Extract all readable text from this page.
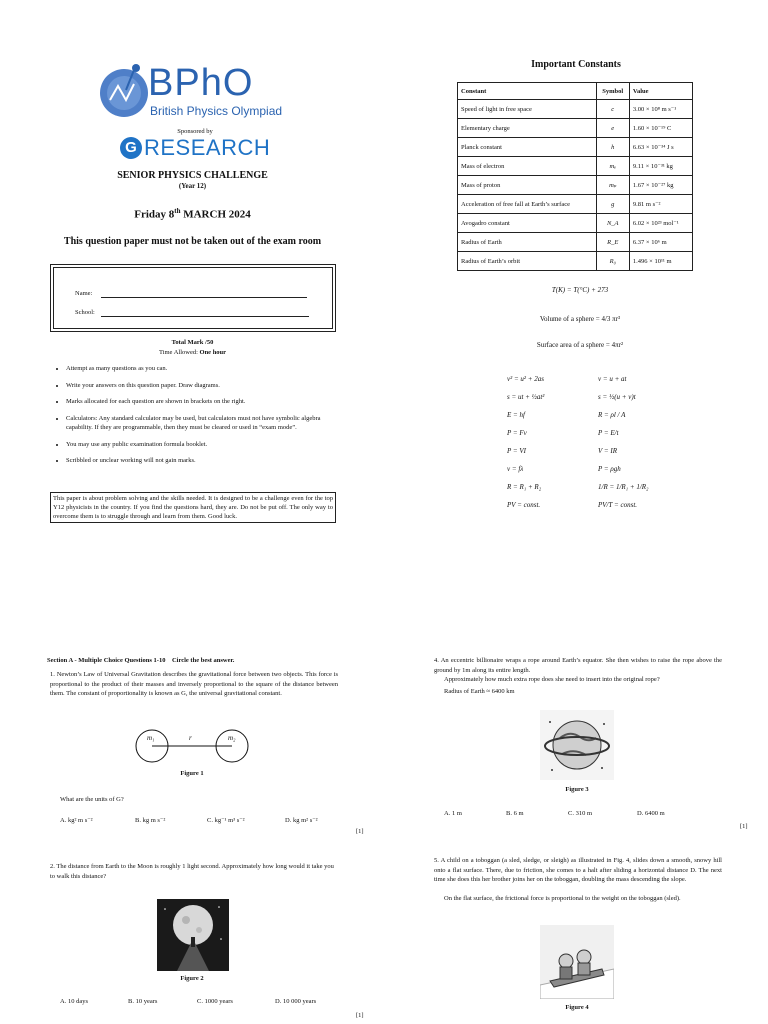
BPhO
British Physics Olympiad
Sponsored by
G RESEARCH
SENIOR PHYSICS CHALLENGE
(Year 12)
Friday 8th MARCH 2024
This question paper must not be taken out of the exam room
Name:
School:
Total Mark /50
Time Allowed: One hour
• Attempt as many questions as you can.
• Write your answers on this question paper. Draw diagrams.
• Marks allocated for each question are shown in brackets on the right.
• Calculators: Any standard calculator may be used, but calculators must not have symbolic algebra capability. If they are programmable, then they must be cleared or used in “exam mode”.
• You may use any public examination formula booklet.
• Scribbled or unclear working will not gain marks.
This paper is about problem solving and the skills needed. It is designed to be a challenge even for the top Y12 physicists in the country. If you find the questions hard, they are. Do not be put off. The only way to overcome them is to struggle through and learn from them. Good luck.
Important Constants
Constant	Symbol	Value
Speed of light in free space	c	3.00 × 10⁸ m s⁻¹
Elementary charge	e	1.60 × 10⁻¹⁹ C
Planck constant	h	6.63 × 10⁻³⁴ J s
Mass of electron	mₑ	9.11 × 10⁻³¹ kg
Mass of proton	mₚ	1.67 × 10⁻²⁷ kg
Acceleration of free fall at Earth’s surface	g	9.81 m s⁻²
Avogadro constant	N_A	6.02 × 10²³ mol⁻¹
Radius of Earth	R_E	6.37 × 10⁶ m
Radius of Earth’s orbit	R₀	1.496 × 10¹¹ m
T(K) = T(°C) + 273
Volume of a sphere = 4/3 πr³
Surface area of a sphere = 4πr²
v² = u² + 2as
s = ut + ½at²
E = hf
P = Fv
P = VI
v = fλ
R = R₁ + R₂
PV = const.
v = u + at
s = ½(u + v)t
R = ρl / A
P = E/t
V = IR
P = ρgh
1/R = 1/R₁ + 1/R₂
PV/T = const.
Section A - Multiple Choice Questions 1-10 Circle the best answer.
1. Newton’s Law of Universal Gravitation describes the gravitational force between two objects. This force is proportional to the product of their masses and inversely proportional to the square of the distance between them. The constant of proportionality is known as G, the universal gravitational constant.
m₁	r	m₂
Figure 1
What are the units of G?
A. kg² m s⁻²	B. kg m s⁻²	C. kg⁻¹ m³ s⁻²	D. kg m² s⁻²
[1]
2. The distance from Earth to the Moon is roughly 1 light second. Approximately how long would it take you to walk this distance?
Figure 2
A. 10 days	B. 10 years	C. 1000 years	D. 10 000 years
[1]
4. An eccentric billionaire wraps a rope around Earth’s equator. She then wishes to raise the rope above the ground by 1m along its entire length.
Approximately how much extra rope does she need to insert into the original rope?
Radius of Earth ≈ 6400 km
Figure 3
A. 1 m	B. 6 m	C. 310 m	D. 6400 m
[1]
5. A child on a toboggan (a sled, sledge, or sleigh) as illustrated in Fig. 4, slides down a smooth, snowy hill onto a flat surface. There, due to friction, she comes to a halt after sliding a horizontal distance D. The next time she does this her brother joins her on the toboggan, doubling the mass descending the slope.
On the flat surface, the frictional force is proportional to the weight on the toboggan (sled).
Figure 4
